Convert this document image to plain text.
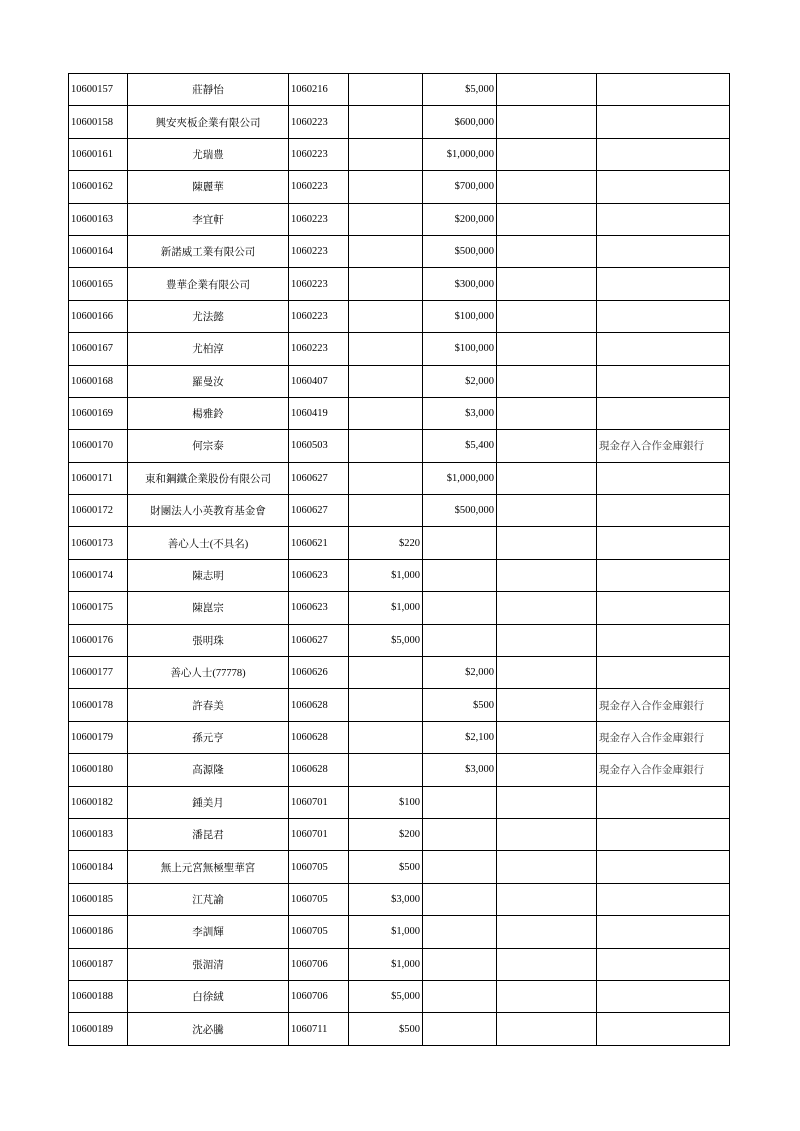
10600157	莊靜怡	1060216		$5,000		
10600158	興安夾板企業有限公司	1060223		$600,000		
10600161	尤瑞豊	1060223		$1,000,000		
10600162	陳麗華	1060223		$700,000		
10600163	李宜軒	1060223		$200,000		
10600164	新諾威工業有限公司	1060223		$500,000		
10600165	豊華企業有限公司	1060223		$300,000		
10600166	尤法懿	1060223		$100,000		
10600167	尤柏淳	1060223		$100,000		
10600168	羅曼汝	1060407		$2,000		
10600169	楊雅鈴	1060419		$3,000		
10600170	何宗泰	1060503		$5,400		現金存入合作金庫銀行
10600171	東和鋼鐵企業股份有限公司	1060627		$1,000,000		
10600172	財團法人小英教育基金會	1060627		$500,000		
10600173	善心人士(不具名)	1060621	$220			
10600174	陳志明	1060623	$1,000			
10600175	陳崑宗	1060623	$1,000			
10600176	張明珠	1060627	$5,000			
10600177	善心人士(77778)	1060626		$2,000		
10600178	許春美	1060628		$500		現金存入合作金庫銀行
10600179	孫元亨	1060628		$2,100		現金存入合作金庫銀行
10600180	高源隆	1060628		$3,000		現金存入合作金庫銀行
10600182	鍾美月	1060701	$100			
10600183	潘昆君	1060701	$200			
10600184	無上元宮無極聖華宮	1060705	$500			
10600185	江芃諭	1060705	$3,000			
10600186	李訓輝	1060705	$1,000			
10600187	張湄清	1060706	$1,000			
10600188	白徐絨	1060706	$5,000			
10600189	沈必騰	1060711	$500			
